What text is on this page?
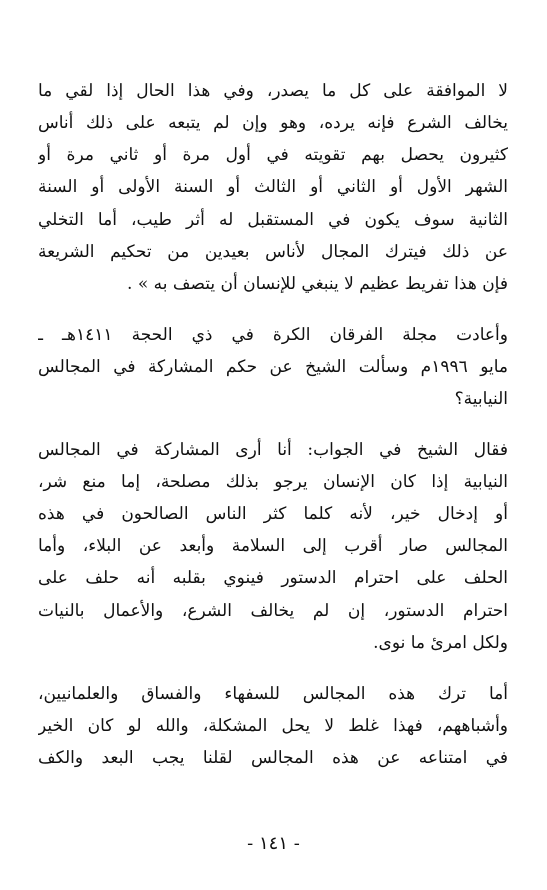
لا الموافقة على كل ما يصدر، وفي هذا الحال إذا لقي ما
يخالف الشرع فإنه يرده، وهو وإن لم يتبعه على ذلك أناس
كثيرون يحصل بهم تقويته في أول مرة أو ثاني مرة أو
الشهر الأول أو الثاني أو الثالث أو السنة الأولى أو السنة
الثانية سوف يكون في المستقبل له أثر طيب، أما التخلي
عن ذلك فيترك المجال لأناس بعيدين من تحكيم الشريعة
فإن هذا تفريط عظيم لا ينبغي للإنسان أن يتصف به » .
وأعادت مجلة الفرقان الكرة في ذي الحجة ١٤١١هـ ـ
مايو ١٩٩٦م وسألت الشيخ عن حكم المشاركة في المجالس
النيابية؟
فقال الشيخ في الجواب: أنا أرى المشاركة في المجالس
النيابية إذا كان الإنسان يرجو بذلك مصلحة، إما منع شر،
أو إدخال خير، لأنه كلما كثر الناس الصالحون في هذه
المجالس صار أقرب إلى السلامة وأبعد عن البلاء، وأما
الحلف على احترام الدستور فينوي بقلبه أنه حلف على
احترام الدستور، إن لم يخالف الشرع، والأعمال بالنيات
ولكل امرئ ما نوى.
أما ترك هذه المجالس للسفهاء والفساق والعلمانيين،
وأشباههم، فهذا غلط لا يحل المشكلة، والله لو كان الخير
في امتناعه عن هذه المجالس لقلنا يجب البعد والكف
- ١٤١ -
